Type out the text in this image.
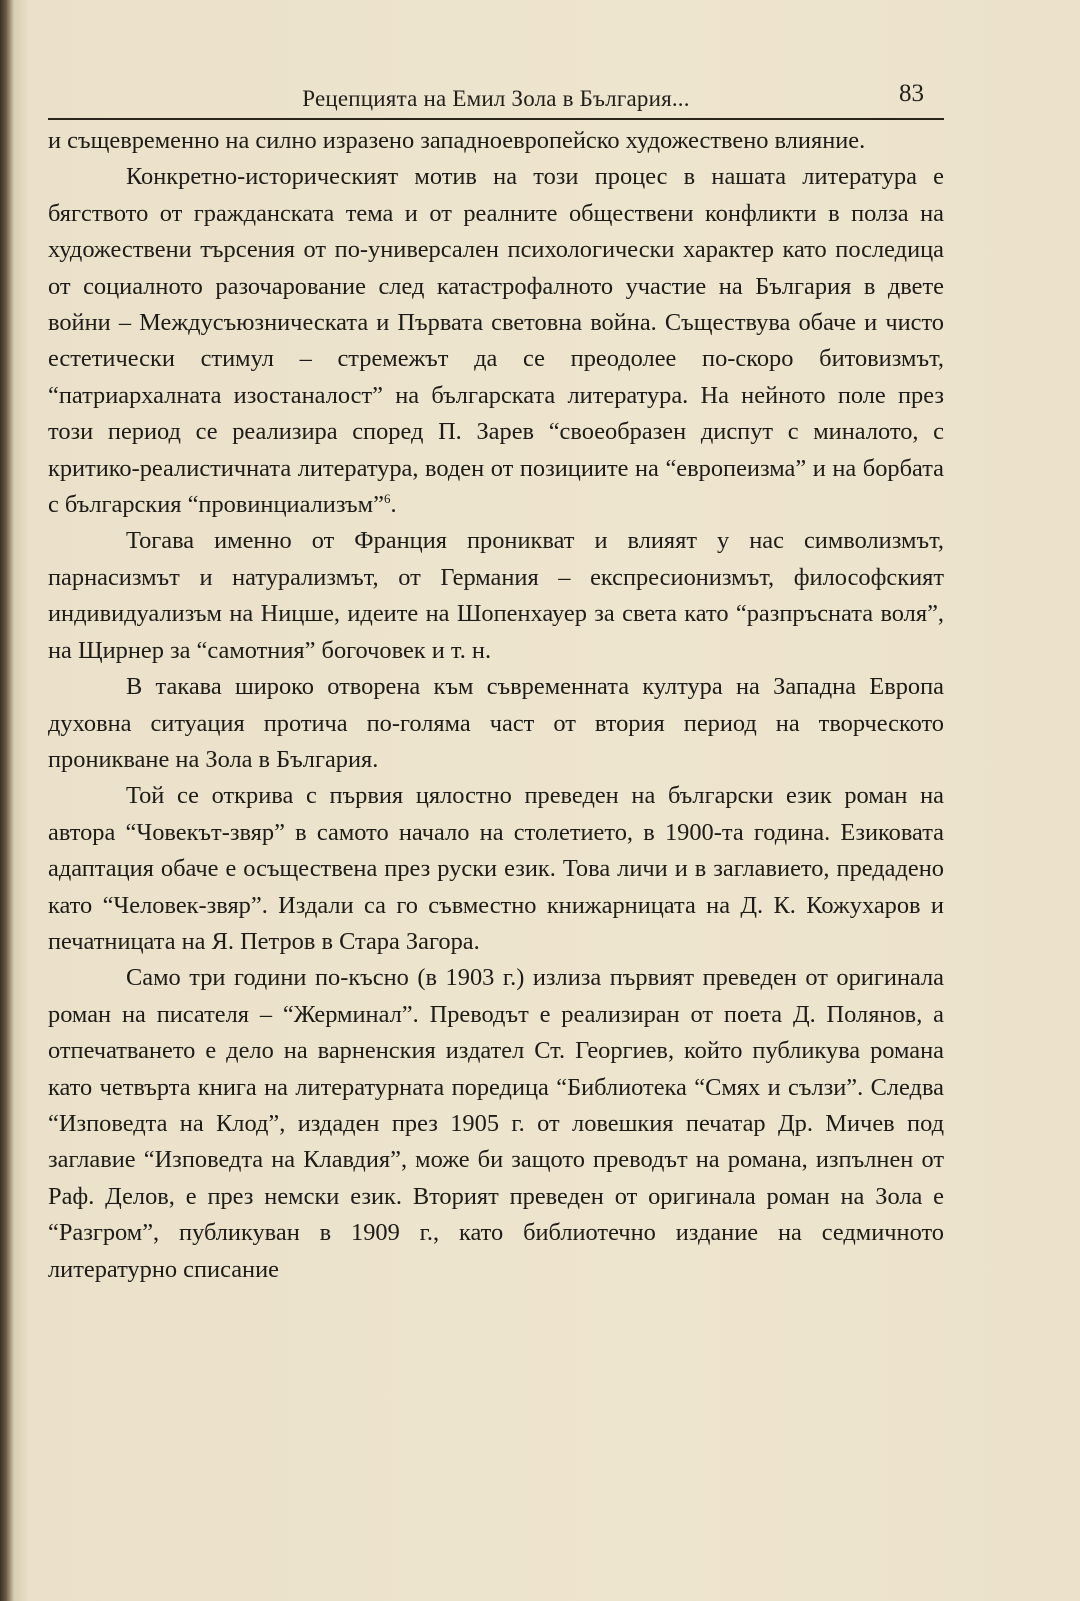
Рецепцията на Емил Зола в България...	83

и същевременно на силно изразено западноевропейско художествено влияние.

Конкретно-историческият мотив на този процес в нашата литература е бягството от гражданската тема и от реалните обществени конфликти в полза на художествени търсения от по-универсален психологически характер като последица от социалното разочарование след катастрофалното участие на България в двете войни – Междусъюзническата и Първата световна война. Съществува обаче и чисто естетически стимул – стремежът да се преодолее по-скоро битовизмът, “патриархалната изостаналост” на българската литература. На нейното поле през този период се реализира според П. Зарев “своеобразен диспут с миналото, с критико-реалистичната литература, воден от позициите на “европеизма” и на борбата с българския “провинциализъм”$^6$.

Тогава именно от Франция проникват и влияят у нас символизмът, парнасизмът и натурализмът, от Германия – експресионизмът, философският индивидуализъм на Ницше, идеите на Шопенхауер за света като “разпръсната воля”, на Щирнер за “самотния” богочовек и т. н.

В такава широко отворена към съвременната култура на Западна Европа духовна ситуация протича по-голяма част от втория период на творческото проникване на Зола в България.

Той се открива с първия цялостно преведен на български език роман на автора “Човекът-звяр” в самото начало на столетието, в 1900-та година. Езиковата адаптация обаче е осъществена през руски език. Това личи и в заглавието, предадено като “Человек-звяр”. Издали са го съвместно книжарницата на Д. К. Кожухаров и печатницата на Я. Петров в Стара Загора.

Само три години по-късно (в 1903 г.) излиза първият преведен от оригинала роман на писателя – “Жерминал”. Преводът е реализиран от поета Д. Полянов, а отпечатването е дело на варненския издател Ст. Георгиев, който публикува романа като четвърта книга на литературната поредица “Библиотека “Смях и сълзи”. Следва “Изповедта на Клод”, издаден през 1905 г. от ловешкия печатар Др. Мичев под заглавие “Изповедта на Клавдия”, може би защото преводът на романа, изпълнен от Раф. Делов, е през немски език. Вторият преведен от оригинала роман на Зола е “Разгром”, публикуван в 1909 г., като библиотечно издание на седмичното литературно списание
